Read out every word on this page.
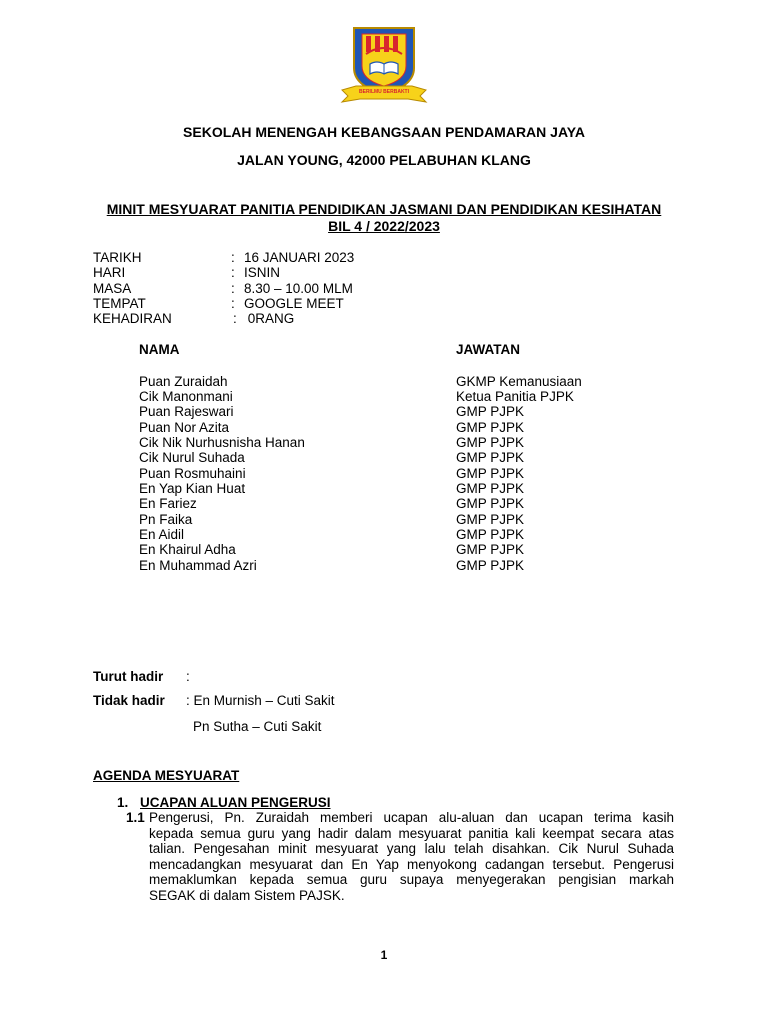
BERILMU BERBAKTI
SEKOLAH MENENGAH KEBANGSAAN PENDAMARAN JAYA
JALAN YOUNG, 42000 PELABUHAN KLANG
MINIT MESYUARAT PANITIA PENDIDIKAN JASMANI DAN PENDIDIKAN KESIHATAN
BIL 4 / 2022/2023
TARIKH	: 16 JANUARI 2023
HARI	: ISNIN
MASA	: 8.30 – 10.00 MLM
TEMPAT	: GOOGLE MEET
KEHADIRAN	: 0RANG
NAMA	JAWATAN
Puan Zuraidah	GKMP Kemanusiaan
Cik Manonmani	Ketua Panitia PJPK
Puan Rajeswari	GMP PJPK
Puan Nor Azita	GMP PJPK
Cik Nik Nurhusnisha Hanan	GMP PJPK
Cik Nurul Suhada	GMP PJPK
Puan Rosmuhaini	GMP PJPK
En Yap Kian Huat	GMP PJPK
En Fariez	GMP PJPK
Pn Faika	GMP PJPK
En Aidil	GMP PJPK
En Khairul Adha	GMP PJPK
En Muhammad Azri	GMP PJPK
Turut hadir :
Tidak hadir : En Murnish – Cuti Sakit
Pn Sutha – Cuti Sakit
AGENDA MESYUARAT
1. UCAPAN ALUAN PENGERUSI
1.1 Pengerusi, Pn. Zuraidah memberi ucapan alu-aluan dan ucapan terima kasih
kepada semua guru yang hadir dalam mesyuarat panitia kali keempat secara atas
talian. Pengesahan minit mesyuarat yang lalu telah disahkan. Cik Nurul Suhada
mencadangkan mesyuarat dan En Yap menyokong cadangan tersebut. Pengerusi
memaklumkan kepada semua guru supaya menyegerakan pengisian markah
SEGAK di dalam Sistem PAJSK.
1
